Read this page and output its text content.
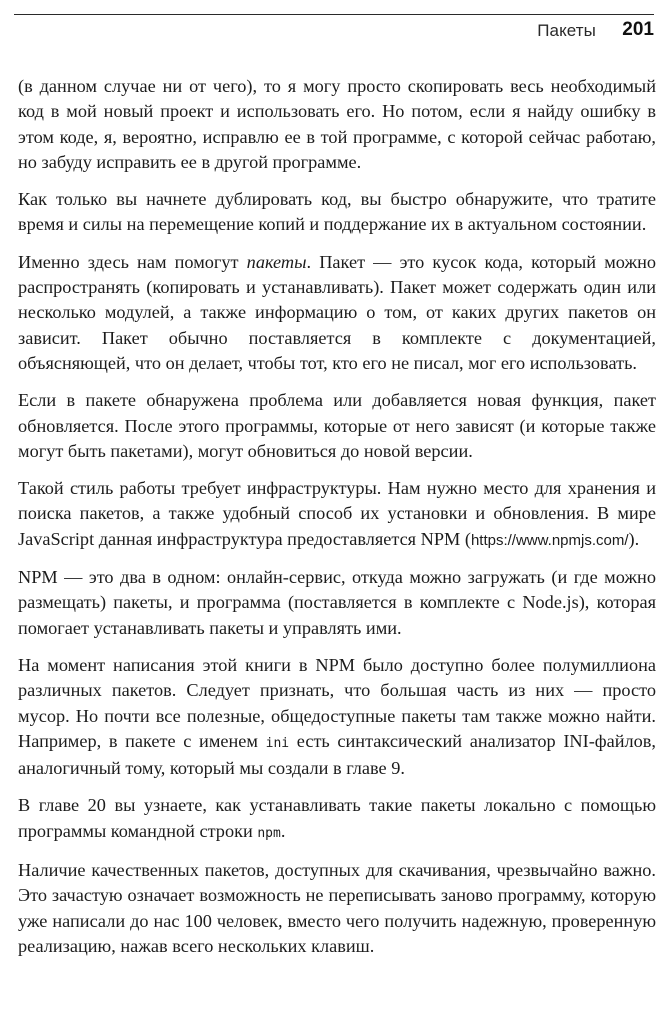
Пакеты 201

(в данном случае ни от чего), то я могу просто скопировать весь необходимый код в мой новый проект и использовать его. Но потом, если я найду ошибку в этом коде, я, вероятно, исправлю ее в той программе, с которой сейчас работаю, но забуду исправить ее в другой программе.

Как только вы начнете дублировать код, вы быстро обнаружите, что тратите время и силы на перемещение копий и поддержание их в актуальном состоянии.

Именно здесь нам помогут пакеты. Пакет — это кусок кода, который можно распространять (копировать и устанавливать). Пакет может содержать один или несколько модулей, а также информацию о том, от каких других пакетов он зависит. Пакет обычно поставляется в комплекте с документацией, объясняющей, что он делает, чтобы тот, кто его не писал, мог его использовать.

Если в пакете обнаружена проблема или добавляется новая функция, пакет обновляется. После этого программы, которые от него зависят (и которые также могут быть пакетами), могут обновиться до новой версии.

Такой стиль работы требует инфраструктуры. Нам нужно место для хранения и поиска пакетов, а также удобный способ их установки и обновления. В мире JavaScript данная инфраструктура предоставляется NPM (https://www.npmjs.com/).

NPM — это два в одном: онлайн-сервис, откуда можно загружать (и где можно размещать) пакеты, и программа (поставляется в комплекте с Node.js), которая помогает устанавливать пакеты и управлять ими.

На момент написания этой книги в NPM было доступно более полумиллиона различных пакетов. Следует признать, что большая часть из них — просто мусор. Но почти все полезные, общедоступные пакеты там также можно найти. Например, в пакете с именем ini есть синтаксический анализатор INI-файлов, аналогичный тому, который мы создали в главе 9.

В главе 20 вы узнаете, как устанавливать такие пакеты локально с помощью программы командной строки npm.

Наличие качественных пакетов, доступных для скачивания, чрезвычайно важно. Это зачастую означает возможность не переписывать заново программу, которую уже написали до нас 100 человек, вместо чего получить надежную, проверенную реализацию, нажав всего нескольких клавиш.
